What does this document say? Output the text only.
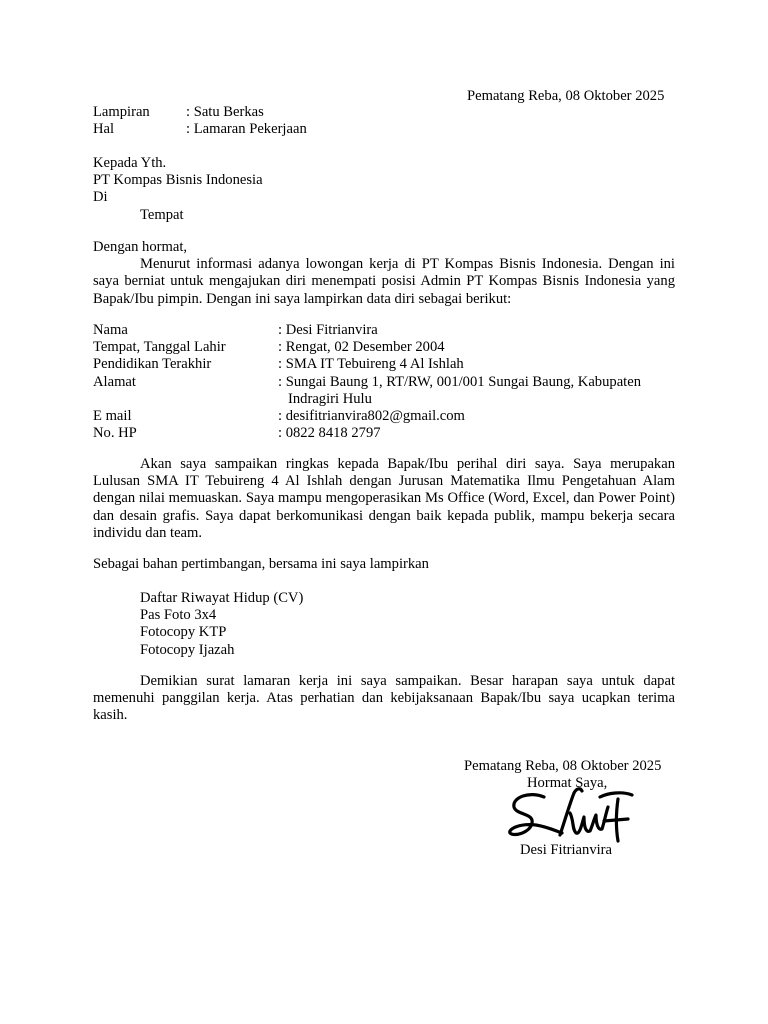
Pematang Reba, 08 Oktober 2025
Lampiran	: Satu Berkas
Hal	: Lamaran Pekerjaan
Kepada Yth.
PT Kompas Bisnis Indonesia
Di
Tempat
Dengan hormat,

Menurut informasi adanya lowongan kerja di PT Kompas Bisnis Indonesia. Dengan ini saya berniat untuk mengajukan diri menempati posisi Admin PT Kompas Bisnis Indonesia yang Bapak/Ibu pimpin. Dengan ini saya lampirkan data diri sebagai berikut:

Nama	: Desi Fitrianvira
Tempat, Tanggal Lahir	: Rengat, 02 Desember 2004
Pendidikan Terakhir	: SMA IT Tebuireng 4 Al Ishlah
Alamat	: Sungai Baung 1, RT/RW, 001/001 Sungai Baung, Kabupaten
Indragiri Hulu
E mail	: desifitrianvira802@gmail.com
No. HP	: 0822 8418 2797

Akan saya sampaikan ringkas kepada Bapak/Ibu perihal diri saya. Saya merupakan Lulusan SMA IT Tebuireng 4 Al Ishlah dengan Jurusan Matematika Ilmu Pengetahuan Alam dengan nilai memuaskan. Saya mampu mengoperasikan Ms Office (Word, Excel, dan Power Point) dan desain grafis. Saya dapat berkomunikasi dengan baik kepada publik, mampu bekerja secara individu dan team.

Sebagai bahan pertimbangan, bersama ini saya lampirkan
Daftar Riwayat Hidup (CV)
Pas Foto 3x4
Fotocopy KTP
Fotocopy Ijazah

Demikian surat lamaran kerja ini saya sampaikan. Besar harapan saya untuk dapat memenuhi panggilan kerja. Atas perhatian dan kebijaksanaan Bapak/Ibu saya ucapkan terima kasih.

Pematang Reba, 08 Oktober 2025
Hormat Saya,
Desi Fitrianvira
